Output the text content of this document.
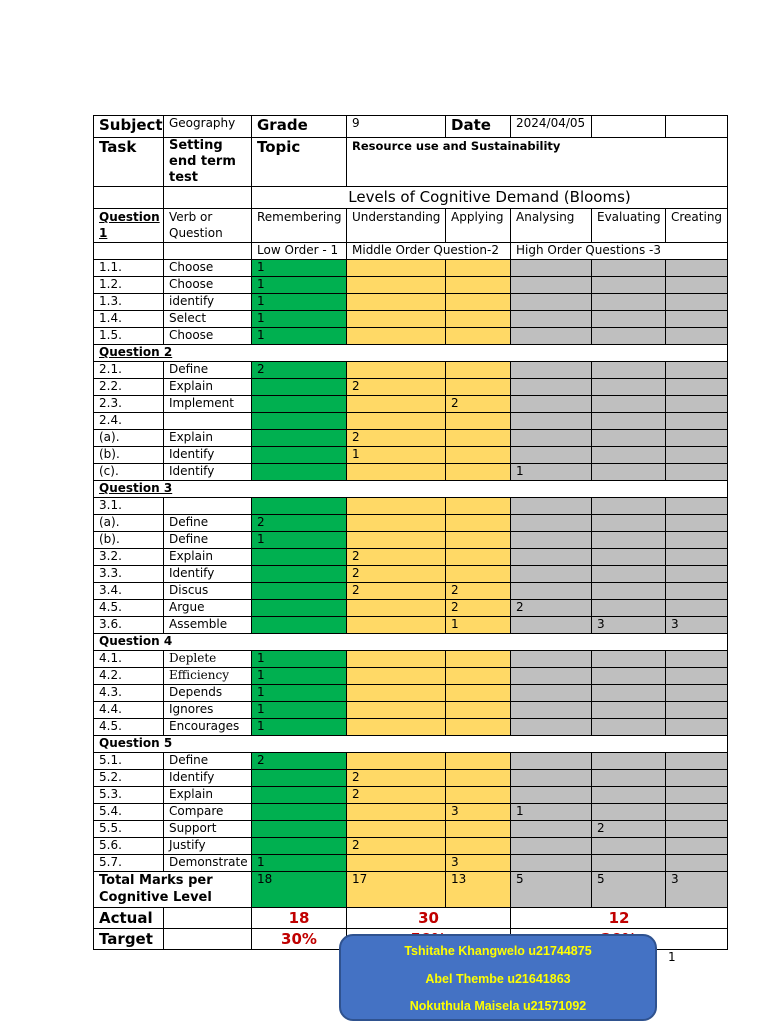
Subject	Geography	Grade	9	Date	2024/04/05		
Task	Setting end term test	Topic	Resource use and Sustainability				
		Levels of Cognitive Demand (Blooms)					
Question 1	Verb or Question	Remembering	Understanding	Applying	Analysing	Evaluating	Creating
		Low Order - 1	Middle Order Question-2		High Order Questions -3		
1.1.	Choose	1					
1.2.	Choose	1					
1.3.	identify	1					
1.4.	Select	1					
1.5.	Choose	1					
Question 2							
2.1.	Define	2					
2.2.	Explain		2				
2.3.	Implement			2			
2.4.							
(a).	Explain		2				
(b).	Identify		1				
(c).	Identify				1		
Question 3							
3.1.							
(a).	Define	2					
(b).	Define	1					
3.2.	Explain		2				
3.3.	Identify		2				
3.4.	Discus		2	2			
4.5.	Argue			2	2		
3.6.	Assemble			1		3	3
Question 4							
4.1.	Deplete	1					
4.2.	Efficiency	1					
4.3.	Depends	1					
4.4.	Ignores	1					
4.5.	Encourages	1					
Question 5							
5.1.	Define	2					
5.2.	Identify		2				
5.3.	Explain		2				
5.4.	Compare			3	1		
5.5.	Support					2	
5.6.	Justify		2				
5.7.	Demonstrate	1		3			
Total Marks per Cognitive Level		18	17	13	5	5	3
Actual		18	30		12		
Target		30%		
Tshitahe Khangwelo u21744875
Abel Thembe u21641863
Nokuthula Maisela u21571092
1
